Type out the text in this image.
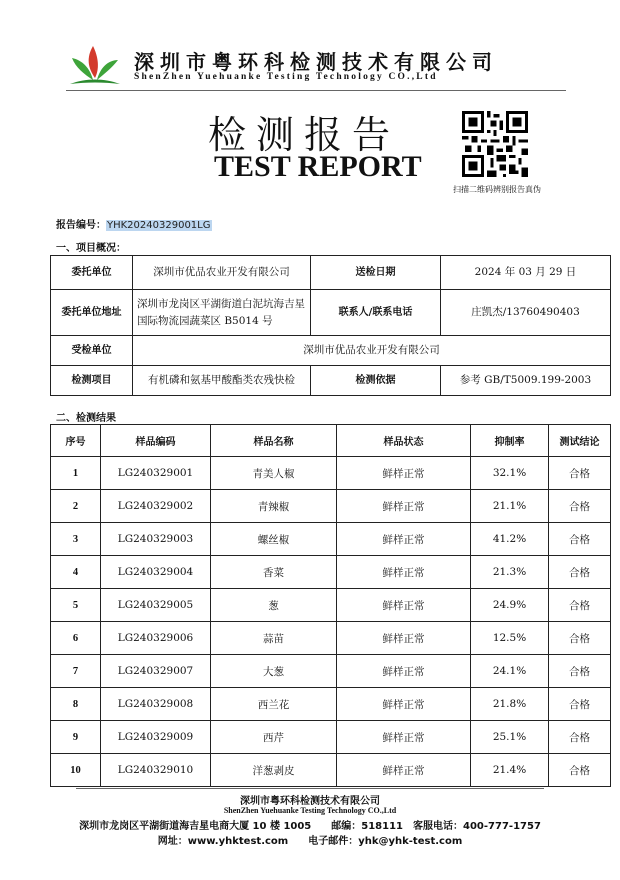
深圳市粤环科检测技术有限公司
ShenZhen Yuehuanke Testing Technology CO.,Ltd
检测报告
TEST REPORT
扫描二维码辨别报告真伪
报告编号：YHK20240329001LG
一、项目概况：
委托单位	深圳市优品农业开发有限公司	送检日期	2024 年 03 月 29 日
委托单位地址	深圳市龙岗区平湖街道白泥坑海吉星国际物流园蔬菜区 B5014 号	联系人/联系电话	庄凯杰/13760490403
受检单位	深圳市优品农业开发有限公司		
检测项目	有机磷和氨基甲酸酯类农残快检	检测依据	参考 GB/T5009.199-2003
二、检测结果
序号	样品编码	样品名称	样品状态	抑制率	测试结论
1	LG240329001	青美人椒	鲜样正常	32.1%	合格
2	LG240329002	青辣椒	鲜样正常	21.1%	合格
3	LG240329003	螺丝椒	鲜样正常	41.2%	合格
4	LG240329004	香菜	鲜样正常	21.3%	合格
5	LG240329005	葱	鲜样正常	24.9%	合格
6	LG240329006	蒜苗	鲜样正常	12.5%	合格
7	LG240329007	大葱	鲜样正常	24.1%	合格
8	LG240329008	西兰花	鲜样正常	21.8%	合格
9	LG240329009	西芹	鲜样正常	25.1%	合格
10	LG240329010	洋葱剥皮	鲜样正常	21.4%	合格
深圳市粤环科检测技术有限公司
ShenZhen Yuehuanke Testing Technology CO.,Ltd
深圳市龙岗区平湖街道海吉星电商大厦 10 楼 1005　　邮编：518111　客服电话：400-777-1757
网址：www.yhktest.com　　电子邮件：yhk@yhk-test.com
